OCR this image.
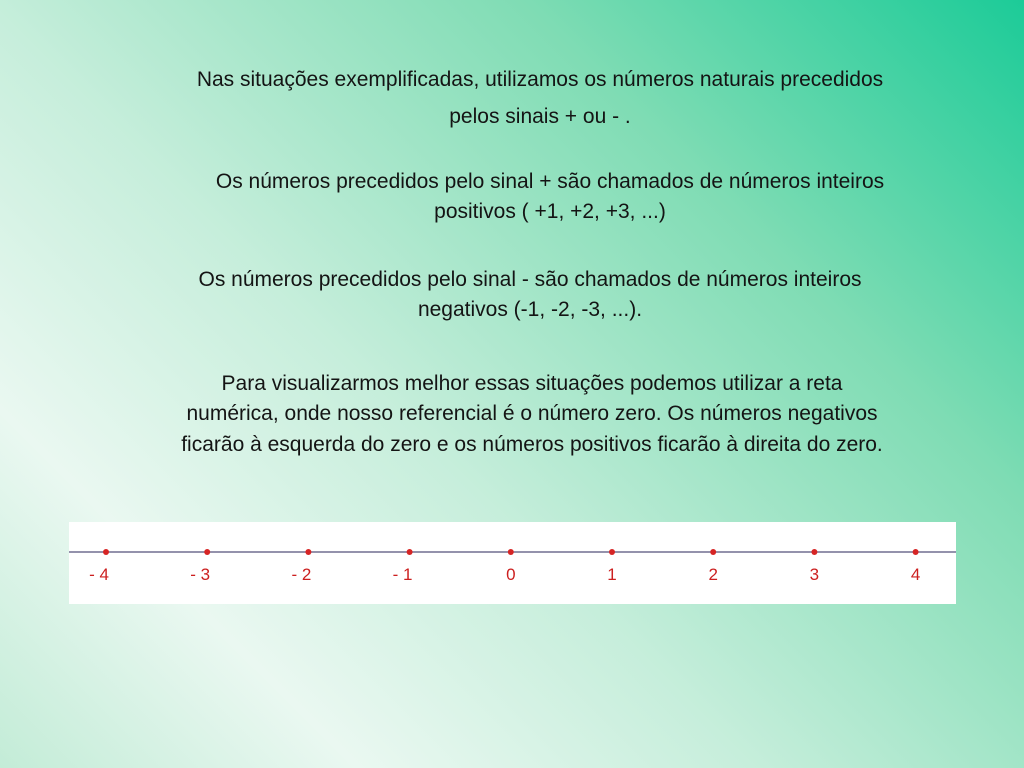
Nas situações exemplificadas, utilizamos os números naturais precedidos
pelos sinais + ou - .
Os números precedidos pelo sinal + são chamados de números inteiros
positivos ( +1, +2, +3, ...)
Os números precedidos pelo sinal - são chamados de números inteiros
negativos (-1, -2, -3, ...).
Para visualizarmos melhor essas situações podemos utilizar a reta
numérica, onde nosso referencial é o número zero. Os números negativos
ficarão à esquerda do zero e os números positivos ficarão à direita do zero.
- 4	- 3	- 2	- 1	0	1	2	3	4
